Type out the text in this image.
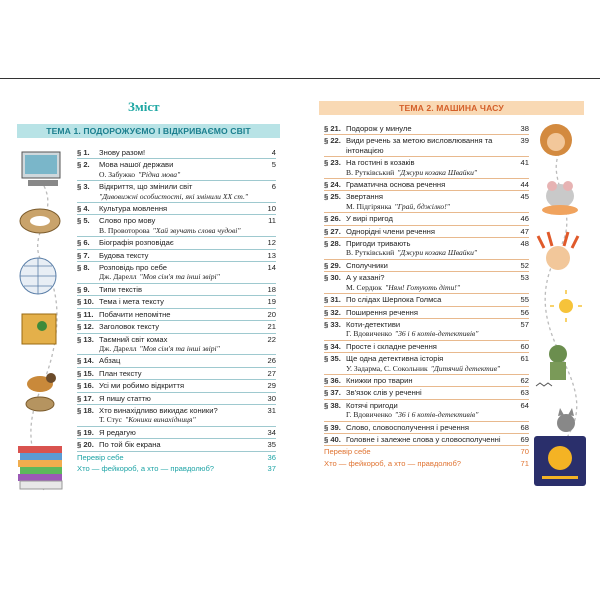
Зміст
ТЕМА 1. ПОДОРОЖУЄМО І ВІДКРИВАЄМО СВІТ
ТЕМА 2. МАШИНА ЧАСУ
§ 1.	Знову разом!	4
§ 2.	Мова нашої держави	5
О. Забужко "Рідна мова"
§ 3.	Відкриття, що змінили світ	6
"Дивовижні особистості, які змінили XX ст."
§ 4.	Культура мовлення	10
§ 5.	Слово про мову	11
В. Провоторова "Хай звучать слова чудові"
§ 6.	Біографія розповідає	12
§ 7.	Будова тексту	13
§ 8.	Розповідь про себе	14
Дж. Дарелл "Моя сім'я та інші звірі"
§ 9.	Типи текстів	18
§ 10. Тема і мета тексту	19
§ 11. Побачити непомітне	20
§ 12. Заголовок тексту	21
§ 13. Таємний світ комах	22
Дж. Дарелл "Моя сім'я та інші звірі"
§ 14. Абзац	26
§ 15. План тексту	27
§ 16. Усі ми робимо відкриття	29
§ 17. Я пишу статтю	30
§ 18. Хто винахідливо викидає коники?	31
Т. Стус "Коники винахідниця"
§ 19. Я редагую	34
§ 20. По той бік екрана	35
Перевір себе	36
Хто — фейкороб, а хто — правдолюб?	37
§ 21. Подорож у минуле	38
§ 22. Види речень за метою висловлювання та інтонацією
39
§ 23. На гостині в козаків	41
В. Рутківський "Джури козака Швайки"
§ 24. Граматична основа речення	44
§ 25. Звертання	45
М. Підгірянка "Грай, бджілко!"
§ 26. У вирі пригод	46
§ 27. Однорідні члени речення	47
§ 28. Пригоди тривають	48
В. Рутківський "Джури козака Швайки"
§ 29. Сполучники	52
§ 30. А у казані?	53
М. Сердюк "Ням! Готують діти!"
§ 31. По слідах Шерлока Голмса	55
§ 32. Поширення речення	56
§ 33. Коти-детективи	57
Г. Вдовиченко "36 і 6 котів-детективів"
§ 34. Просте і складне речення	60
§ 35. Ще одна детективна історія	61
У. Задарма, С. Сокольник "Дитячий детектив"
§ 36. Книжки про тварин	62
§ 37. Зв'язок слів у реченні	63
§ 38. Котячі пригоди	64
Г. Вдовиченко "36 і 6 котів-детективів"
§ 39. Слово, словосполучення і речення	68
§ 40. Головне і залежне слова у словосполученні	69
Перевір себе	70
Хто — фейкороб, а хто — правдолюб?	71
